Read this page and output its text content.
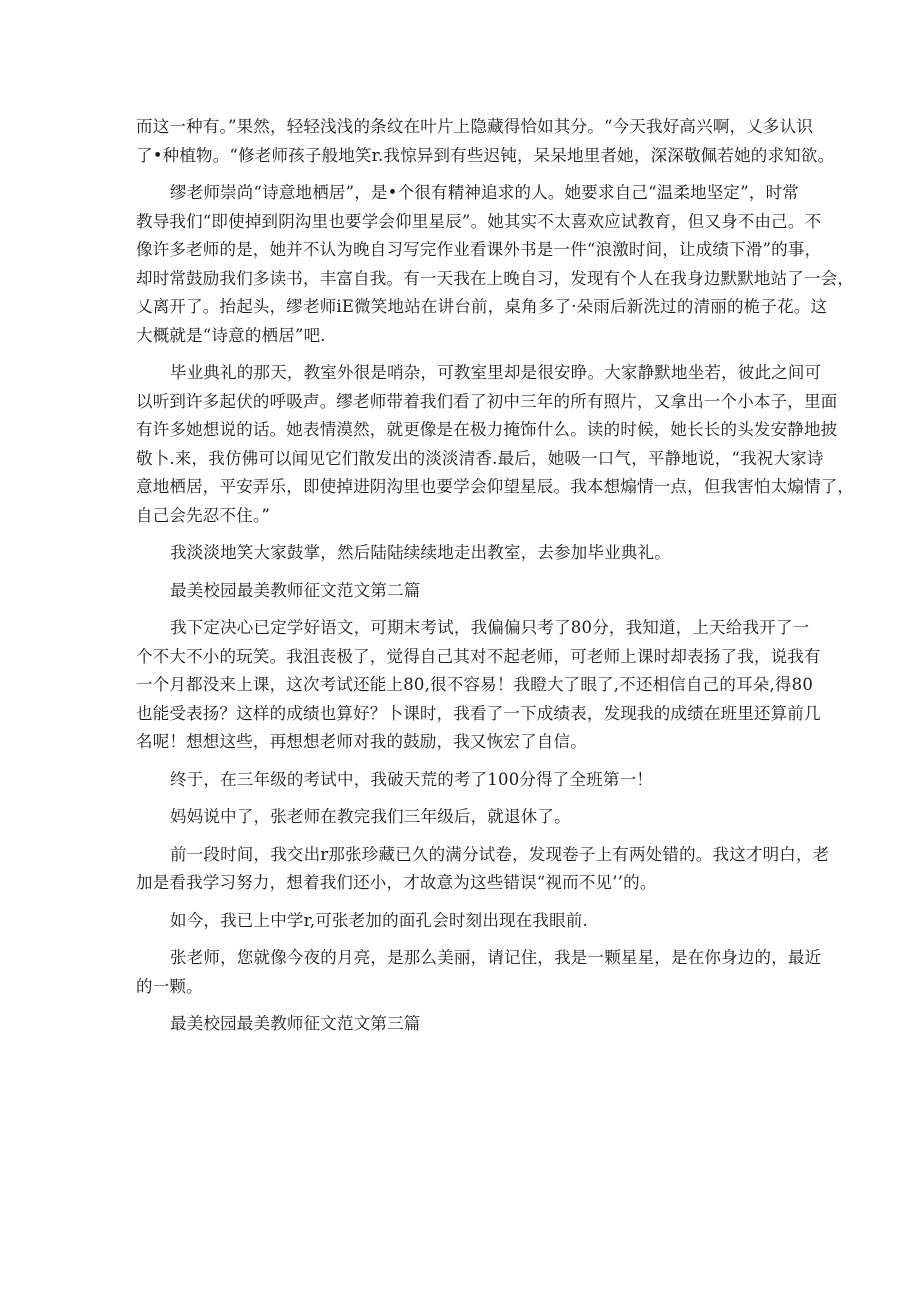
而这一种有。”果然，轻轻浅浅的条纹在叶片上隐藏得恰如其分。“今天我好高兴啊，乂多认识
了•种植物。“修老师孩子般地笑r.我惊异到有些迟钝，呆呆地里者她，深深敬佩若她的求知欲。
缪老师崇尚“诗意地栖居”，是•个很有精神追求的人。她要求自己“温柔地坚定”，时常
教导我们“即使掉到阴沟里也要学会仰里星辰”。她其实不太喜欢应试教育，但又身不由己。不
像许多老师的是，她并不认为晚自习写完作业看课外书是一件“浪激时间，让成绩下滑”的事，
却时常鼓励我们多读书，丰富自我。有一天我在上晚自习，发现有个人在我身边默默地站了一会，
乂离开了。抬起头，缪老师iE微笑地站在讲台前，桌角多了·朵雨后新洗过的清丽的桅子花。这
大概就是“诗意的栖居”吧.
毕业典礼的那天，教室外很是哨杂，可教室里却是很安睁。大家静默地坐若，彼此之间可
以听到许多起伏的呼吸声。缪老师带着我们看了初中三年的所有照片，又拿出一个小本子，里面
有许多她想说的话。她表情漠然，就更像是在极力掩饰什么。读的时候，她长长的头发安静地披
敬卜.来，我仿佛可以闻见它们散发出的淡淡清香.最后，她吸一口气，平静地说，“我祝大家诗
意地栖居，平安弄乐，即使掉进阴沟里也要学会仰望星辰。我本想煽情一点，但我害怕太煽情了，
自己会先忍不住。”
我淡淡地笑大家鼓掌，然后陆陆续续地走出教室，去参加毕业典礼。
最美校园最美教师征文范文第二篇
我下定决心已定学好语文，可期末考试，我偏偏只考了80分，我知道，上天给我开了一
个不大不小的玩笑。我沮丧极了，觉得自己其对不起老师，可老师上课时却表扬了我，说我有
一个月都没来上课，这次考试还能上80,很不容易！我瞪大了眼了,不还相信自己的耳朵,得80
也能受表扬？这样的成绩也算好？卜课时，我看了一下成绩表，发现我的成绩在班里还算前几
名呢！想想这些，再想想老师对我的鼓励，我又恢宏了自信。
终于，在三年级的考试中，我破天荒的考了100分得了全班第一！
妈妈说中了，张老师在教完我们三年级后，就退休了。
前一段时间，我交出r那张珍藏已久的满分试卷，发现卷子上有两处错的。我这才明白，老
加是看我学习努力，想着我们还小，才故意为这些错误“视而不见’’的。
如今，我已上中学r,可张老加的面孔会时刻出现在我眼前.
张老师，您就像今夜的月亮，是那么美丽，请记住，我是一颗星星，是在你身边的，最近
的一颗。
最美校园最美教师征文范文第三篇
